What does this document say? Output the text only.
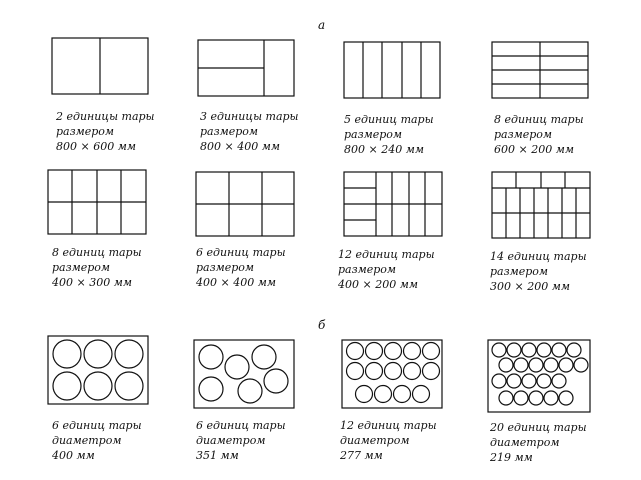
а
б
2 единицы тары
размером
800 × 600 мм
3 единицы тары
размером
800 × 400 мм
5 единиц тары
размером
800 × 240 мм
8 единиц тары
размером
600 × 200 мм
8 единиц тары
размером
400 × 300 мм
6 единиц тары
размером
400 × 400 мм
12 единиц тары
размером
400 × 200 мм
14 единиц тары
размером
300 × 200 мм
6 единиц тары
диаметром
400 мм
6 единиц тары
диаметром
351 мм
12 единиц тары
диаметром
277 мм
20 единиц тары
диаметром
219 мм
